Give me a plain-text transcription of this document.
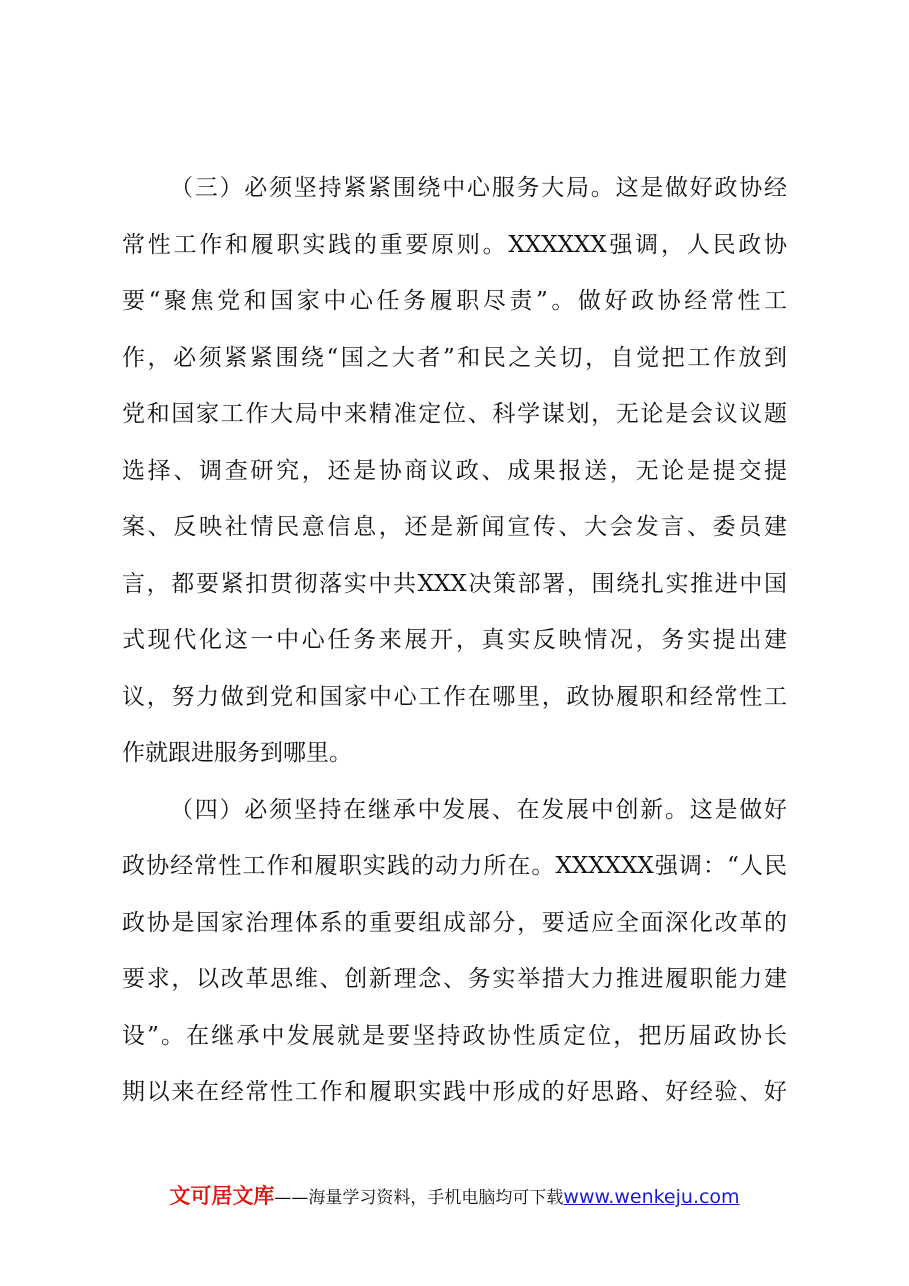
（三）必须坚持紧紧围绕中心服务大局。这是做好政协经
常性工作和履职实践的重要原则。XXXXXX强调，人民政协
要“聚焦党和国家中心任务履职尽责”。做好政协经常性工
作，必须紧紧围绕“国之大者”和民之关切，自觉把工作放到
党和国家工作大局中来精准定位、科学谋划，无论是会议议题
选择、调查研究，还是协商议政、成果报送，无论是提交提
案、反映社情民意信息，还是新闻宣传、大会发言、委员建
言，都要紧扣贯彻落实中共XXX决策部署，围绕扎实推进中国
式现代化这一中心任务来展开，真实反映情况，务实提出建
议，努力做到党和国家中心工作在哪里，政协履职和经常性工
作就跟进服务到哪里。
（四）必须坚持在继承中发展、在发展中创新。这是做好
政协经常性工作和履职实践的动力所在。XXXXXX强调：“人民
政协是国家治理体系的重要组成部分，要适应全面深化改革的
要求，以改革思维、创新理念、务实举措大力推进履职能力建
设”。在继承中发展就是要坚持政协性质定位，把历届政协长
期以来在经常性工作和履职实践中形成的好思路、好经验、好
文可居文库——海量学习资料，手机电脑均可下载www.wenkeju.com
